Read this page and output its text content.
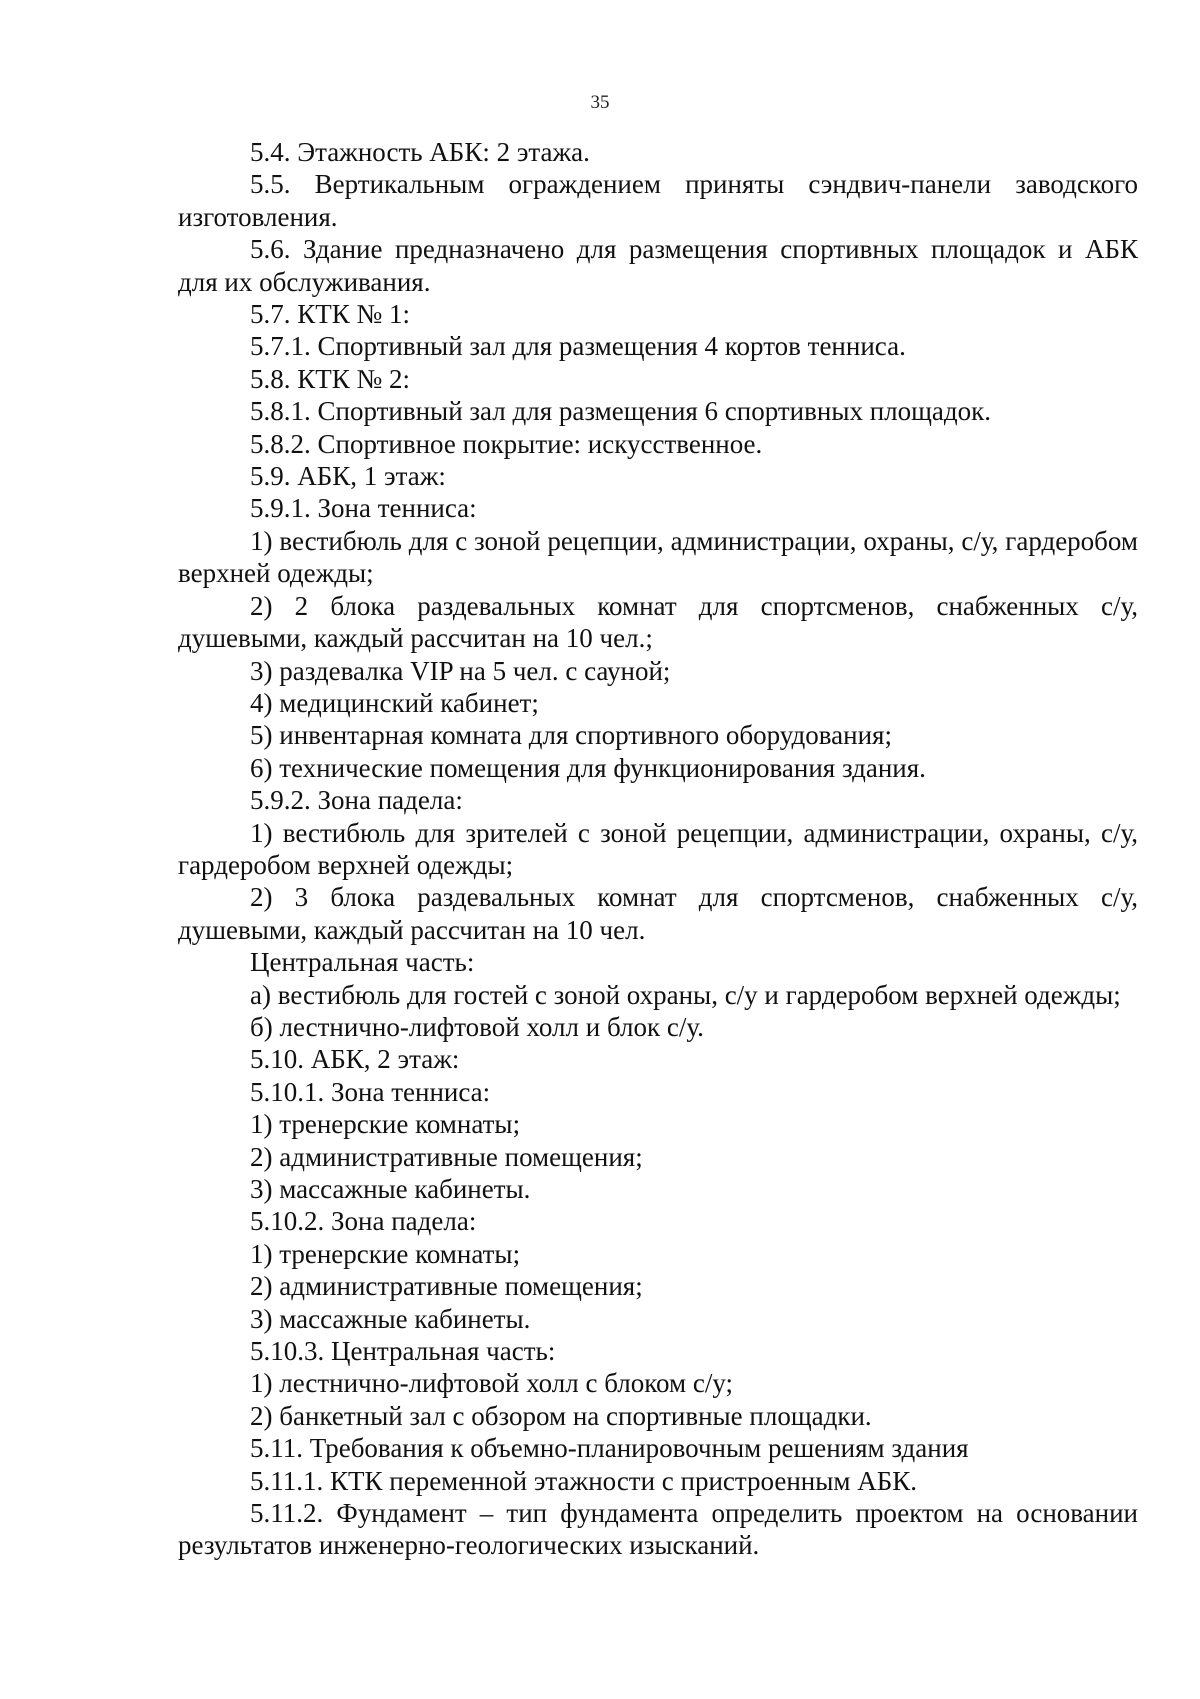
35

5.4. Этажность АБК: 2 этажа.

5.5. Вертикальным ограждением приняты сэндвич-панели заводского изготовления.

5.6. Здание предназначено для размещения спортивных площадок и АБК для их обслуживания.

5.7. КТК № 1:

5.7.1. Спортивный зал для размещения 4 кортов тенниса.

5.8. КТК № 2:

5.8.1. Спортивный зал для размещения 6 спортивных площадок.

5.8.2. Спортивное покрытие: искусственное.

5.9. АБК, 1 этаж:

5.9.1. Зона тенниса:

1) вестибюль для с зоной рецепции, администрации, охраны, с/у, гардеробом верхней одежды;

2) 2 блока раздевальных комнат для спортсменов, снабженных с/у, душевыми, каждый рассчитан на 10 чел.;

3) раздевалка VIP на 5 чел. с сауной;

4) медицинский кабинет;

5) инвентарная комната для спортивного оборудования;

6) технические помещения для функционирования здания.

5.9.2. Зона падела:

1) вестибюль для зрителей с зоной рецепции, администрации, охраны, с/у, гардеробом верхней одежды;

2) 3 блока раздевальных комнат для спортсменов, снабженных с/у, душевыми, каждый рассчитан на 10 чел.

Центральная часть:

а) вестибюль для гостей с зоной охраны, с/у и гардеробом верхней одежды;

б) лестнично-лифтовой холл и блок с/у.

5.10. АБК, 2 этаж:

5.10.1. Зона тенниса:

1) тренерские комнаты;

2) административные помещения;

3) массажные кабинеты.

5.10.2. Зона падела:

1) тренерские комнаты;

2) административные помещения;

3) массажные кабинеты.

5.10.3. Центральная часть:

1) лестнично-лифтовой холл с блоком с/у;

2) банкетный зал с обзором на спортивные площадки.

5.11. Требования к объемно-планировочным решениям здания

5.11.1. КТК переменной этажности с пристроенным АБК.

5.11.2. Фундамент – тип фундамента определить проектом на основании результатов инженерно-геологических изысканий.
